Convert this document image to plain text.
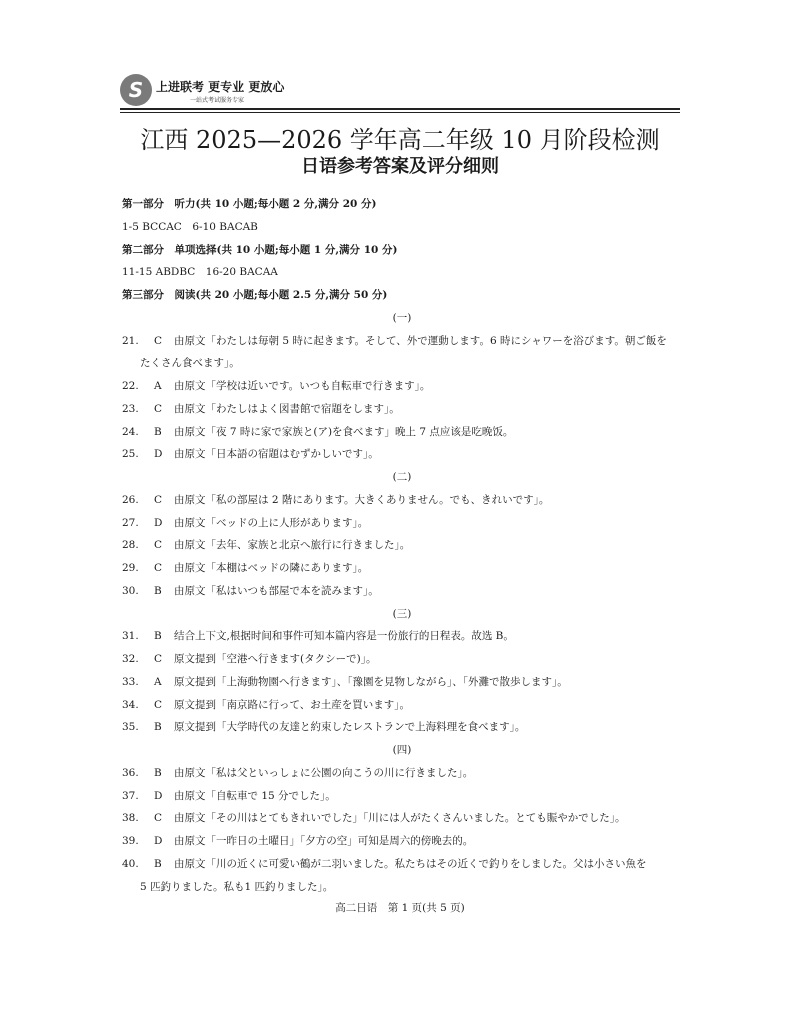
S	上进联考 更专业 更放心
一站式考试服务专家
江西 2025—2026 学年高二年级 10 月阶段检测
日语参考答案及评分细则
第一部分　听力(共 10 小题;每小题 2 分,满分 20 分)
1-5 BCCAC　6-10 BACAB
第二部分　单项选择(共 10 小题;每小题 1 分,满分 10 分)
11-15 ABDBC　16-20 BACAA
第三部分　阅读(共 20 小题;每小题 2.5 分,满分 50 分)
(一)
21. C 由原文「わたしは毎朝 5 時に起きます。そして、外で運動します。6 時にシャワーを浴びます。朝ご飯を
たくさん食べます」。
22. A 由原文「学校は近いです。いつも自転車で行きます」。
23. C 由原文「わたしはよく図書館で宿題をします」。
24. B 由原文「夜 7 時に家で家族と(ア)を食べます」晚上 7 点应该是吃晚饭。
25. D 由原文「日本語の宿題はむずかしいです」。
(二)
26. C 由原文「私の部屋は 2 階にあります。大きくありません。でも、きれいです」。
27. D 由原文「ベッドの上に人形があります」。
28. C 由原文「去年、家族と北京へ旅行に行きました」。
29. C 由原文「本棚はベッドの隣にあります」。
30. B 由原文「私はいつも部屋で本を読みます」。
(三)
31. B 结合上下文,根据时间和事件可知本篇内容是一份旅行的日程表。故选 B。
32. C 原文提到「空港へ行きます(タクシーで)」。
33. A 原文提到「上海動物園へ行きます」、「豫園を見物しながら」、「外灘で散歩します」。
34. C 原文提到「南京路に行って、お土産を買います」。
35. B 原文提到「大学時代の友達と約束したレストランで上海料理を食べます」。
(四)
36. B 由原文「私は父といっしょに公園の向こうの川に行きました」。
37. D 由原文「自転車で 15 分でした」。
38. C 由原文「その川はとてもきれいでした」「川には人がたくさんいました。とても賑やかでした」。
39. D 由原文「一昨日の土曜日」「夕方の空」可知是周六的傍晚去的。
40. B 由原文「川の近くに可愛い鶴が二羽いました。私たちはその近くで釣りをしました。父は小さい魚を
5 匹釣りました。私も1 匹釣りました」。
高二日语　第 1 页(共 5 页)
